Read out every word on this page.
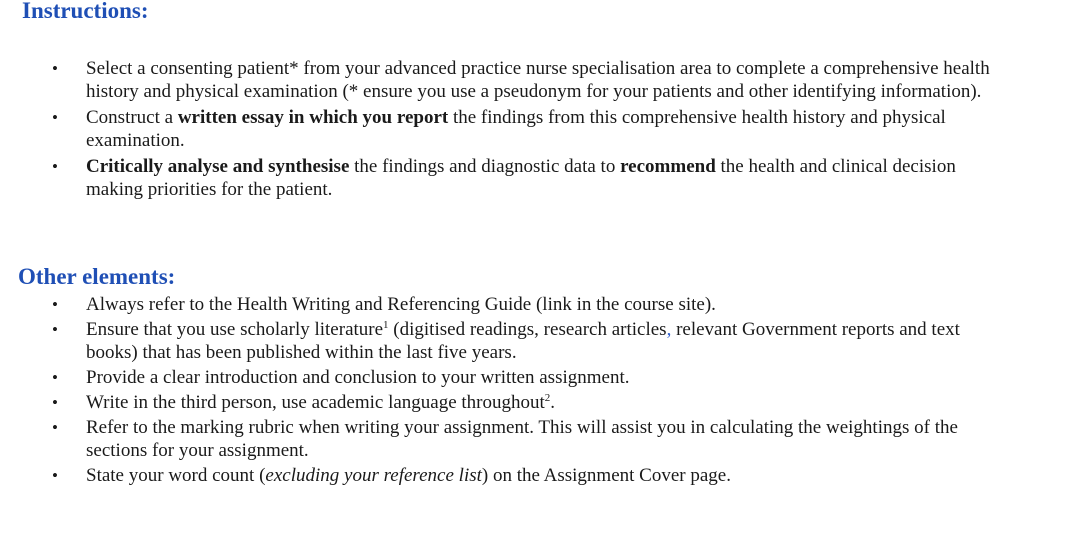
Instructions:
•	Select a consenting patient* from your advanced practice nurse specialisation area to complete a comprehensive health history and physical examination (* ensure you use a pseudonym for your patients and other identifying information).
•	Construct a written essay in which you report the findings from this comprehensive health history and physical examination.
•	Critically analyse and synthesise the findings and diagnostic data to recommend the health and clinical decision making priorities for the patient.
Other elements:
•	Always refer to the Health Writing and Referencing Guide (link in the course site).
•	Ensure that you use scholarly literature$^1$ (digitised readings, research articles, relevant Government reports and text books) that has been published within the last five years.
•	Provide a clear introduction and conclusion to your written assignment.
•	Write in the third person, use academic language throughout$^2$.
•	Refer to the marking rubric when writing your assignment. This will assist you in calculating the weightings of the sections for your assignment.
•	State your word count (excluding your reference list) on the Assignment Cover page.
